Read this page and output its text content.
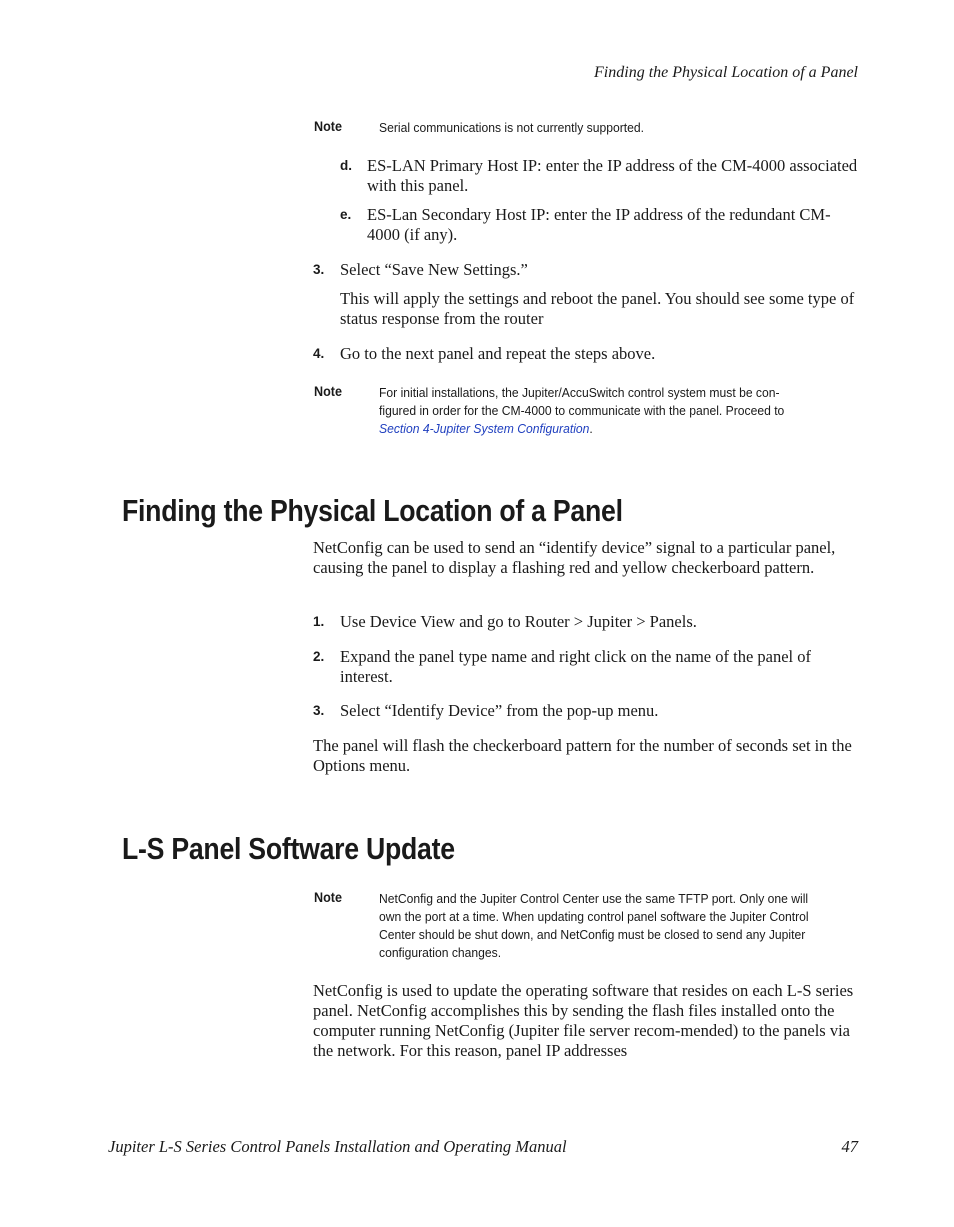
Finding the Physical Location of a Panel
Note	Serial communications is not currently supported.
d. ES-LAN Primary Host IP: enter the IP address of the CM-4000 associated with this panel.
e. ES-Lan Secondary Host IP: enter the IP address of the redundant CM-4000 (if any).
3. Select “Save New Settings.”
This will apply the settings and reboot the panel. You should see some type of status response from the router
4. Go to the next panel and repeat the steps above.
Note	For initial installations, the Jupiter/AccuSwitch control system must be con-
figured in order for the CM-4000 to communicate with the panel. Proceed to
Section 4-Jupiter System Configuration.
Finding the Physical Location of a Panel
NetConfig can be used to send an “identify device” signal to a particular panel, causing the panel to display a flashing red and yellow checkerboard pattern.
1. Use Device View and go to Router > Jupiter > Panels.
2. Expand the panel type name and right click on the name of the panel of interest.
3. Select “Identify Device” from the pop-up menu.
The panel will flash the checkerboard pattern for the number of seconds set in the Options menu.
L-S Panel Software Update
Note	NetConfig and the Jupiter Control Center use the same TFTP port. Only one will own the port at a time. When updating control panel software the Jupiter Control Center should be shut down, and NetConfig must be closed to send any Jupiter configuration changes.
NetConfig is used to update the operating software that resides on each L-S series panel. NetConfig accomplishes this by sending the flash files installed onto the computer running NetConfig (Jupiter file server recom-mended) to the panels via the network. For this reason, panel IP addresses
Jupiter L-S Series Control Panels Installation and Operating Manual	47
